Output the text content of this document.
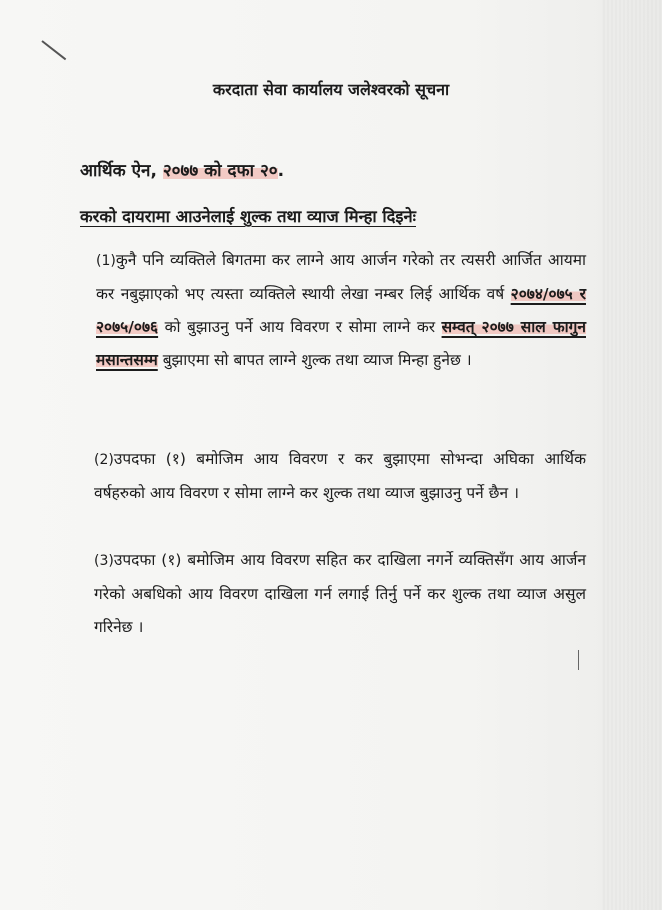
करदाता सेवा कार्यालय जलेश्वरको सूचना
आर्थिक ऐन, २०७७ को दफा २०.
करको दायरामा आउनेलाई शुल्क तथा व्याज मिन्हा दिइनेः
(1)कुनै पनि व्यक्तिले बिगतमा कर लाग्ने आय आर्जन गरेको तर त्यसरी आर्जित आयमा कर नबुझाएको भए त्यस्ता व्यक्तिले स्थायी लेखा नम्बर लिई आर्थिक वर्ष २०७४/०७५ र २०७५/०७६ को बुझाउनु पर्ने आय विवरण र सोमा लाग्ने कर सम्वत् २०७७ साल फागुन मसान्तसम्म बुझाएमा सो बापत लाग्ने शुल्क तथा व्याज मिन्हा हुनेछ ।
(2)उपदफा (१) बमोजिम आय विवरण र कर बुझाएमा सोभन्दा अघिका आर्थिक वर्षहरुको आय विवरण र सोमा लाग्ने कर शुल्क तथा व्याज बुझाउनु पर्ने छैन ।
(3)उपदफा (१) बमोजिम आय विवरण सहित कर दाखिला नगर्ने व्यक्तिसँग आय आर्जन गरेको अबधिको आय विवरण दाखिला गर्न लगाई तिर्नु पर्ने कर शुल्क तथा व्याज असुल गरिनेछ ।
